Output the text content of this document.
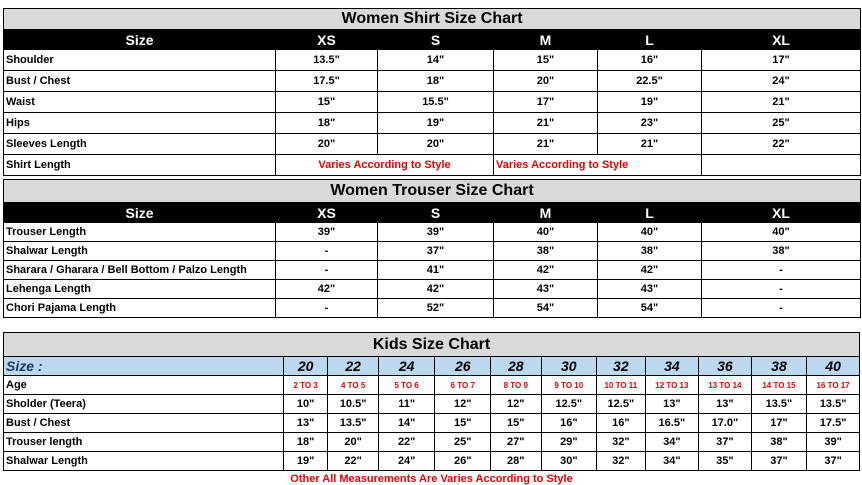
Women Shirt Size Chart					
Size	XS	S	M	L	XL
Shoulder	13.5"	14"	15"	16"	17"
Bust / Chest	17.5"	18"	20"	22.5"	24"
Waist	15"	15.5"	17"	19"	21"
Hips	18"	19"	21"	23"	25"
Sleeves Length	20"	20"	21"	21"	22"
Shirt Length	Varies According to Style		Varies According to Style		
Women Trouser Size Chart					
Size	XS	S	M	L	XL
Trouser Length	39"	39"	40"	40"	40"
Shalwar Length	-	37"	38"	38"	38"
Sharara / Gharara / Bell Bottom / Palzo Length	-	41"	42"	42"	-
Lehenga Length	42"	42"	43"	43"	-
Chori Pajama Length	-	52"	54"	54"	-
Kids Size Chart											
Size :	20	22	24	26	28	30	32	34	36	38	40
Age	2 TO 3	4 TO 5	5 TO 6	6 TO 7	8 TO 9	9 TO 10	10 TO 11	12 TO 13	13 TO 14	14 TO 15	16 TO 17
Sholder (Teera)	10"	10.5"	11"	12"	12"	12.5"	12.5"	13"	13"	13.5"	13.5"
Bust / Chest	13"	13.5"	14"	15"	15"	16"	16"	16.5"	17.0"	17"	17.5"
Trouser length	18"	20"	22"	25"	27"	29"	32"	34"	37"	38"	39"
Shalwar Length	19"	22"	24"	26"	28"	30"	32"	34"	35"	37"	37"
Other All Measurements Are Varies According to Style
